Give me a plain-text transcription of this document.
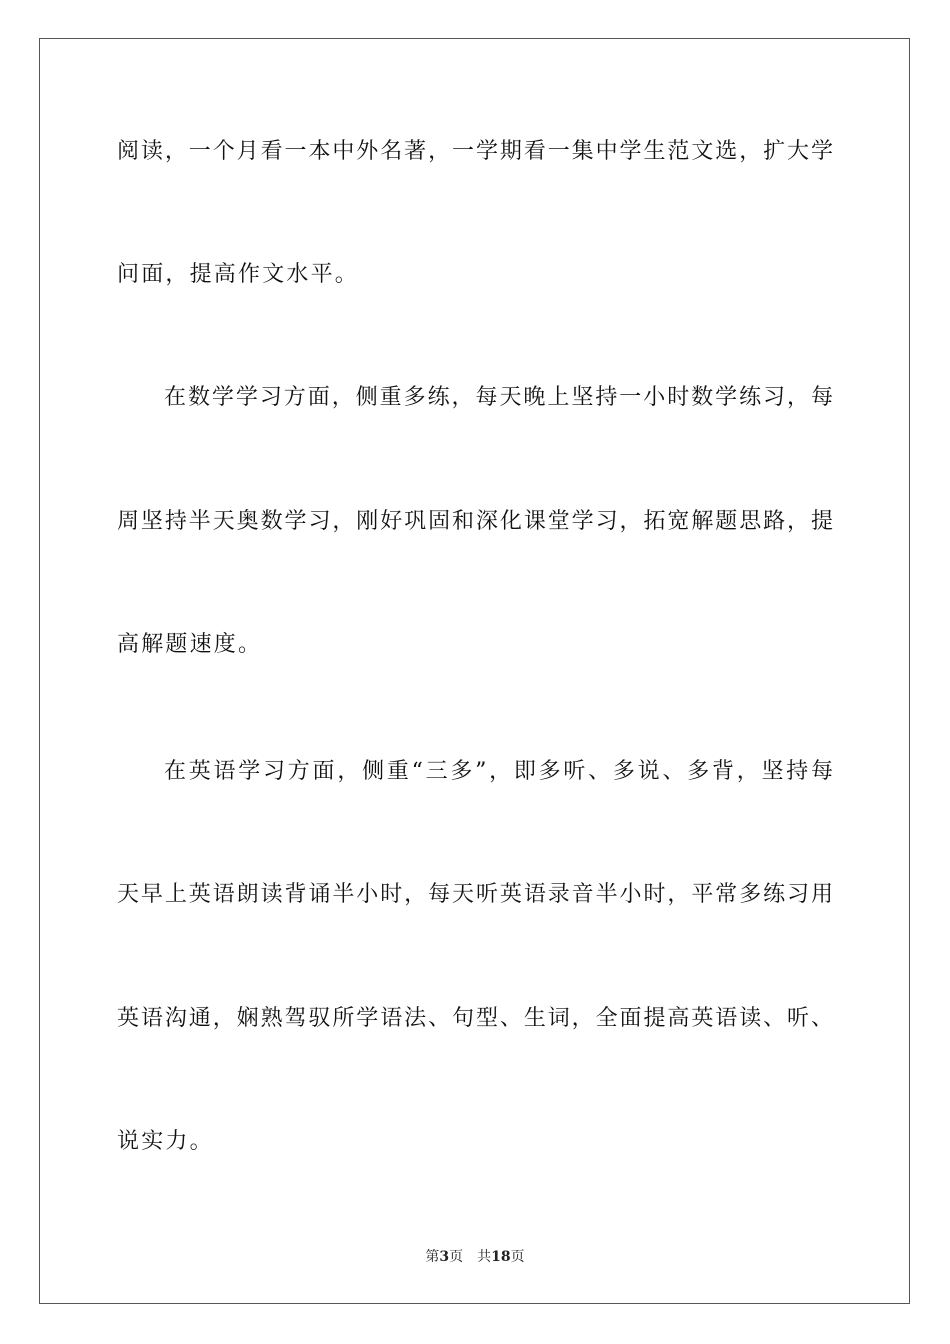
阅读，一个月看一本中外名著，一学期看一集中学生范文选，扩大学
问面，提高作文水平。
在数学学习方面，侧重多练，每天晚上坚持一小时数学练习，每
周坚持半天奥数学习，刚好巩固和深化课堂学习，拓宽解题思路，提
高解题速度。
在英语学习方面，侧重“三多”，即多听、多说、多背，坚持每
天早上英语朗读背诵半小时，每天听英语录音半小时，平常多练习用
英语沟通，娴熟驾驭所学语法、句型、生词，全面提高英语读、听、
说实力。
第3页 共18页
